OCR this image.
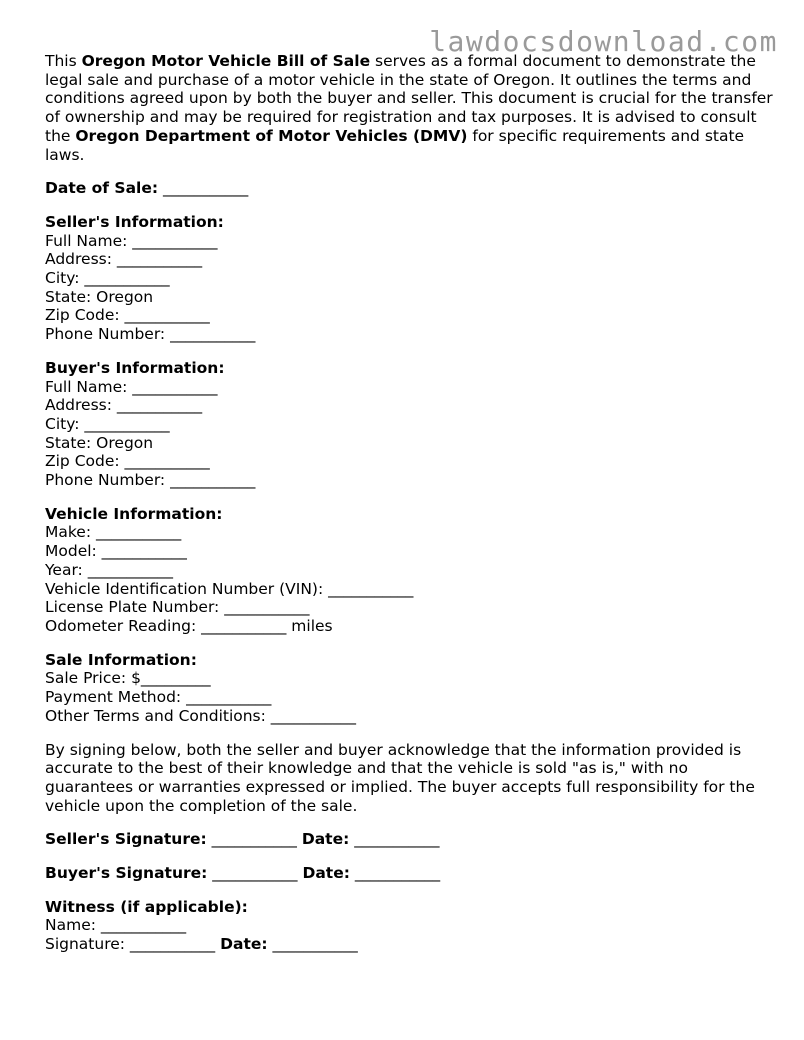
lawdocsdownload.com

This Oregon Motor Vehicle Bill of Sale serves as a formal document to demonstrate the legal sale and purchase of a motor vehicle in the state of Oregon. It outlines the terms and conditions agreed upon by both the buyer and seller. This document is crucial for the transfer of ownership and may be required for registration and tax purposes. It is advised to consult the Oregon Department of Motor Vehicles (DMV) for specific requirements and state laws.

Date of Sale: ___________
Seller's Information:
Full Name: ___________
Address: ___________
City: ___________
State: Oregon
Zip Code: ___________
Phone Number: ___________
Buyer's Information:
Full Name: ___________
Address: ___________
City: ___________
State: Oregon
Zip Code: ___________
Phone Number: ___________
Vehicle Information:
Make: ___________
Model: ___________
Year: ___________
Vehicle Identification Number (VIN): ___________
License Plate Number: ___________
Odometer Reading: ___________ miles
Sale Information:
Sale Price: $_________
Payment Method: ___________
Other Terms and Conditions: ___________

By signing below, both the seller and buyer acknowledge that the information provided is accurate to the best of their knowledge and that the vehicle is sold "as is," with no guarantees or warranties expressed or implied. The buyer accepts full responsibility for the vehicle upon the completion of the sale.

Seller's Signature: ___________ Date: ___________
Buyer's Signature: ___________ Date: ___________
Witness (if applicable):
Name: ___________
Signature: ___________ Date: ___________
